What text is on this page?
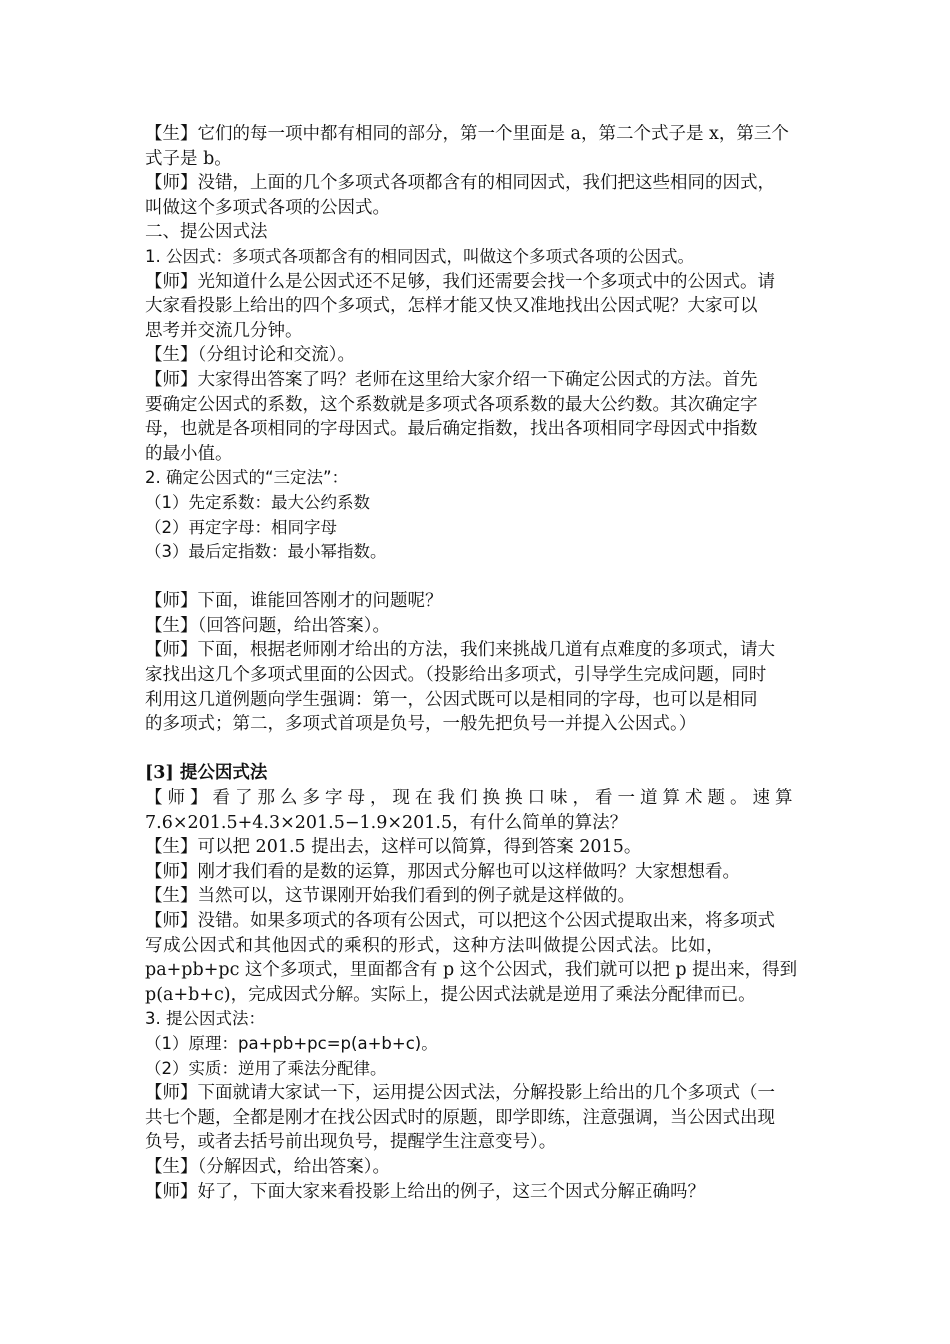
【生】它们的每一项中都有相同的部分，第一个里面是 a，第二个式子是 x，第三个
式子是 b。
【师】没错，上面的几个多项式各项都含有的相同因式，我们把这些相同的因式，
叫做这个多项式各项的公因式。
二、提公因式法
1. 公因式：多项式各项都含有的相同因式，叫做这个多项式各项的公因式。
【师】光知道什么是公因式还不足够，我们还需要会找一个多项式中的公因式。请
大家看投影上给出的四个多项式，怎样才能又快又准地找出公因式呢？大家可以
思考并交流几分钟。
【生】（分组讨论和交流）。
【师】大家得出答案了吗？老师在这里给大家介绍一下确定公因式的方法。首先
要确定公因式的系数，这个系数就是多项式各项系数的最大公约数。其次确定字
母，也就是各项相同的字母因式。最后确定指数，找出各项相同字母因式中指数
的最小值。
2. 确定公因式的“三定法”：
（1）先定系数：最大公约系数
（2）再定字母：相同字母
（3）最后定指数：最小幂指数。
【师】下面，谁能回答刚才的问题呢？
【生】（回答问题，给出答案）。
【师】下面，根据老师刚才给出的方法，我们来挑战几道有点难度的多项式，请大
家找出这几个多项式里面的公因式。（投影给出多项式，引导学生完成问题，同时
利用这几道例题向学生强调：第一，公因式既可以是相同的字母，也可以是相同
的多项式；第二，多项式首项是负号，一般先把负号一并提入公因式。）
[3] 提公因式法
【师】看了那么多字母，现在我们换换口味，看一道算术题。速算
7.6×201.5+4.3×201.5−1.9×201.5，有什么简单的算法？
【生】可以把 201.5 提出去，这样可以简算，得到答案 2015。
【师】刚才我们看的是数的运算，那因式分解也可以这样做吗？大家想想看。
【生】当然可以，这节课刚开始我们看到的例子就是这样做的。
【师】没错。如果多项式的各项有公因式，可以把这个公因式提取出来，将多项式
写成公因式和其他因式的乘积的形式，这种方法叫做提公因式法。比如，
pa+pb+pc 这个多项式，里面都含有 p 这个公因式，我们就可以把 p 提出来，得到
p(a+b+c)，完成因式分解。实际上，提公因式法就是逆用了乘法分配律而已。
3. 提公因式法：
（1）原理：pa+pb+pc=p(a+b+c)。
（2）实质：逆用了乘法分配律。
【师】下面就请大家试一下，运用提公因式法，分解投影上给出的几个多项式（一
共七个题，全都是刚才在找公因式时的原题，即学即练，注意强调，当公因式出现
负号，或者去括号前出现负号，提醒学生注意变号）。
【生】（分解因式，给出答案）。
【师】好了，下面大家来看投影上给出的例子，这三个因式分解正确吗？
